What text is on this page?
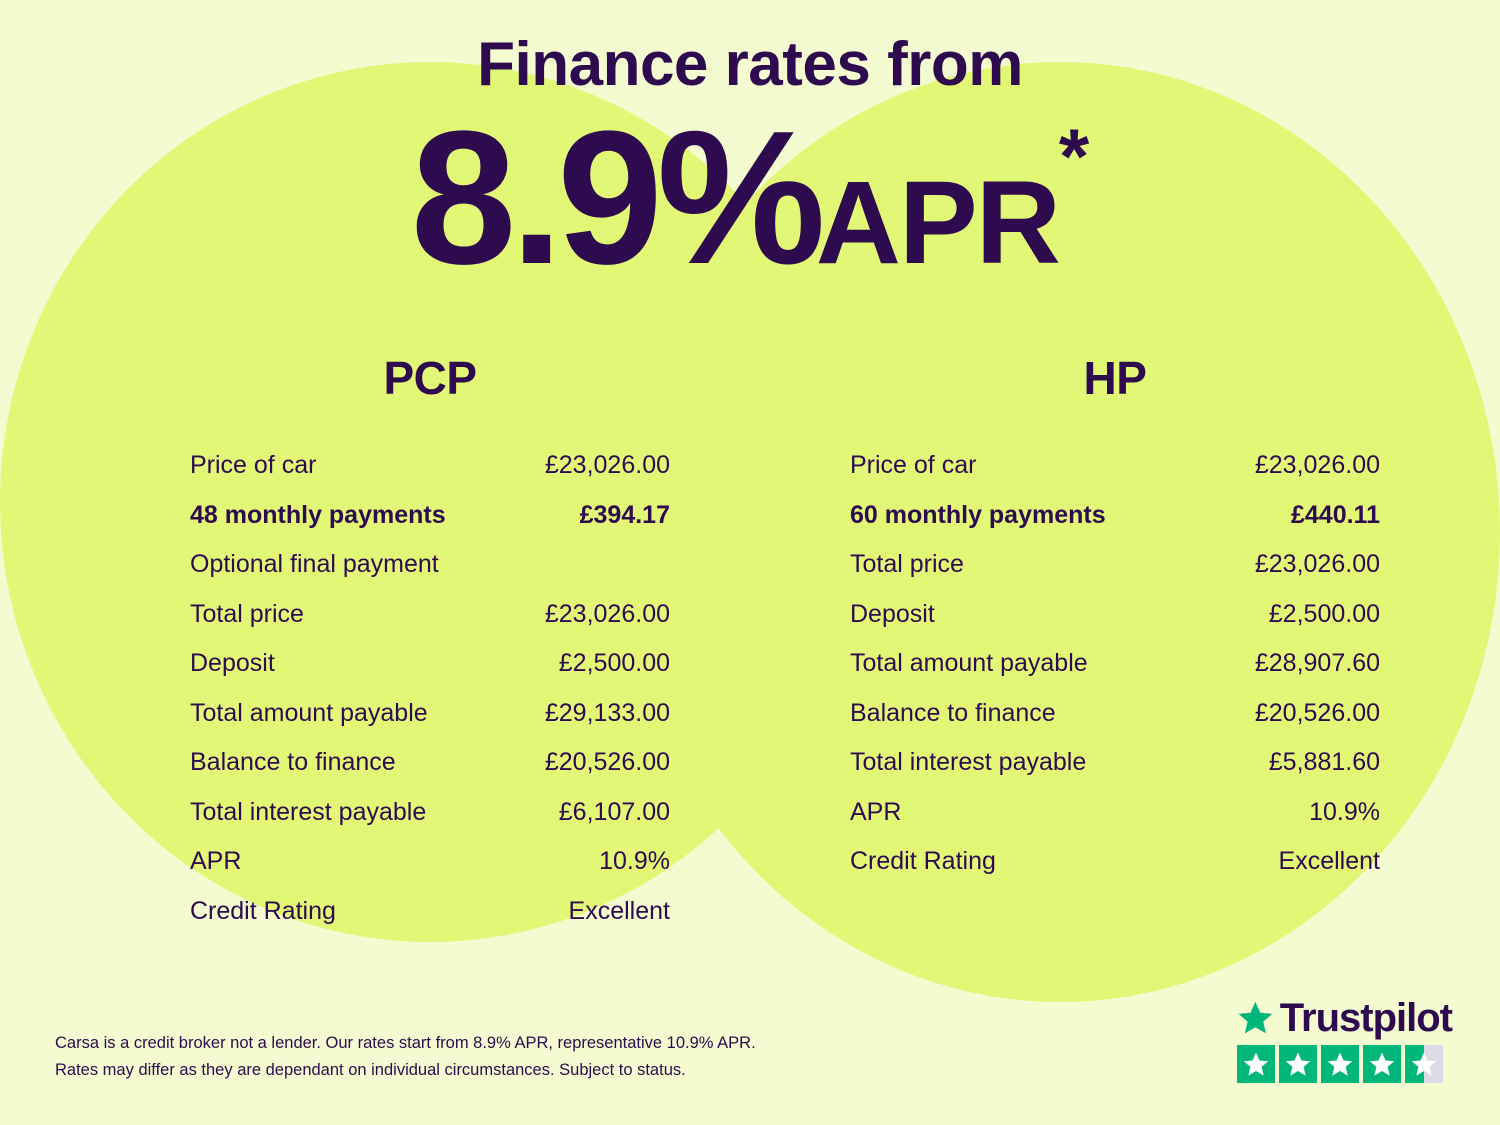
Finance rates from
8.9%APR*
PCP
Price of car	£23,026.00
48 monthly payments	£394.17
Optional final payment
Total price	£23,026.00
Deposit	£2,500.00
Total amount payable	£29,133.00
Balance to finance	£20,526.00
Total interest payable	£6,107.00
APR	10.9%
Credit Rating	Excellent
HP
Price of car	£23,026.00
60 monthly payments	£440.11
Total price	£23,026.00
Deposit	£2,500.00
Total amount payable	£28,907.60
Balance to finance	£20,526.00
Total interest payable	£5,881.60
APR	10.9%
Credit Rating	Excellent
Carsa is a credit broker not a lender. Our rates start from 8.9% APR, representative 10.9% APR.
Rates may differ as they are dependant on individual circumstances. Subject to status.
Trustpilot
